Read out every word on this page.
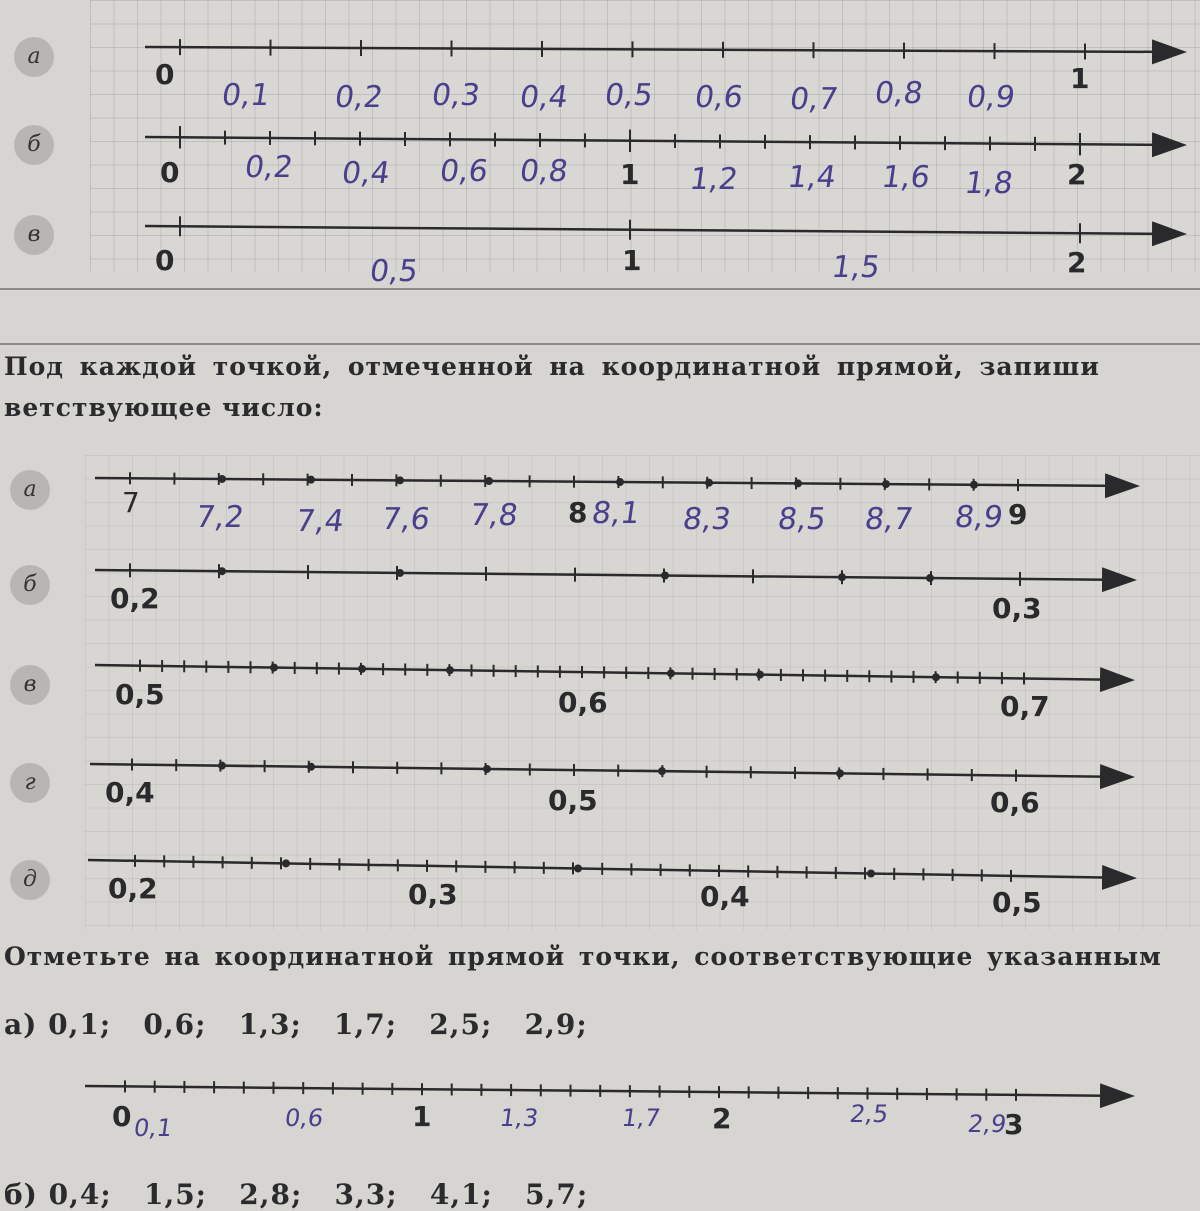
а
б
в
0	1
0,1 0,2 0,3 0,4 0,5 0,6 0,7 0,8 0,9
0	1	2
0,2 0,4 0,6 0,8	1,2 1,4 1,6 1,8
0	1	2
0,5	1,5
Под каждой точкой, отмеченной на координатной прямой, запиши
ветствующее число:
а
б
в
г
д
7	8	9
7,2 7,4 7,6 7,8 8,1 8,3 8,5 8,7 8,9
0,2	0,3
0,5	0,6	0,7
0,4	0,5	0,6
0,2	0,3	0,4	0,5
Отметьте на координатной прямой точки, соответствующие указанным
а) 0,1;   0,6;   1,3;   1,7;   2,5;   2,9;
0	1	2	3
0,1	0,6	1,3	1,7	2,5	2,9
б) 0,4;   1,5;   2,8;   3,3;   4,1;   5,7;
